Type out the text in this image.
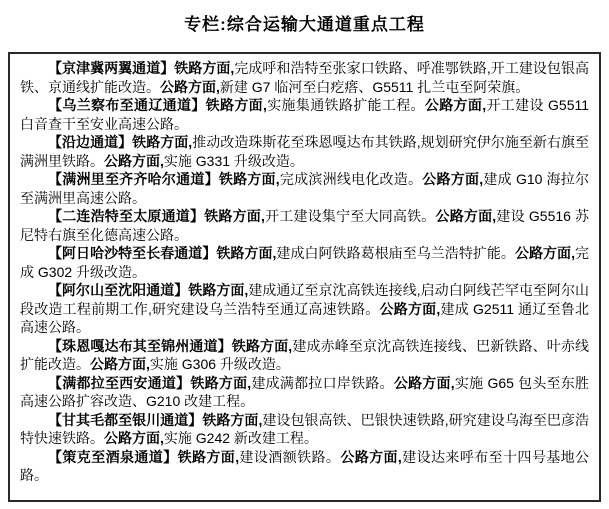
专栏:综合运输大通道重点工程

【京津冀两翼通道】铁路方面,完成呼和浩特至张家口铁路、呼准鄂铁路,开工建设包银高铁、京通线扩能改造。公路方面,新建 G7 临河至白疙瘩、G5511 扎兰屯至阿荣旗。

【乌兰察布至通辽通道】铁路方面,实施集通铁路扩能工程。公路方面,开工建设 G5511 白音查干至安业高速公路。

【沿边通道】铁路方面,推动改造珠斯花至珠恩嘎达布其铁路,规划研究伊尔施至新右旗至满洲里铁路。公路方面,实施 G331 升级改造。

【满洲里至齐齐哈尔通道】铁路方面,完成滨洲线电化改造。公路方面,建成 G10 海拉尔至满洲里高速公路。

【二连浩特至太原通道】铁路方面,开工建设集宁至大同高铁。公路方面,建设 G5516 苏尼特右旗至化德高速公路。

【阿日哈沙特至长春通道】铁路方面,建成白阿铁路葛根庙至乌兰浩特扩能。公路方面,完成 G302 升级改造。

【阿尔山至沈阳通道】铁路方面,建成通辽至京沈高铁连接线,启动白阿线芒罕屯至阿尔山段改造工程前期工作,研究建设乌兰浩特至通辽高速铁路。公路方面,建成 G2511 通辽至鲁北高速公路。

【珠恩嘎达布其至锦州通道】铁路方面,建成赤峰至京沈高铁连接线、巴新铁路、叶赤线扩能改造。公路方面,实施 G306 升级改造。

【满都拉至西安通道】铁路方面,建成满都拉口岸铁路。公路方面,实施 G65 包头至东胜高速公路扩容改造、G210 改建工程。

【甘其毛都至银川通道】铁路方面,建设包银高铁、巴银快速铁路,研究建设乌海至巴彦浩特快速铁路。公路方面,实施 G242 新改建工程。

【策克至酒泉通道】铁路方面,建设酒额铁路。公路方面,建设达来呼布至十四号基地公路。
